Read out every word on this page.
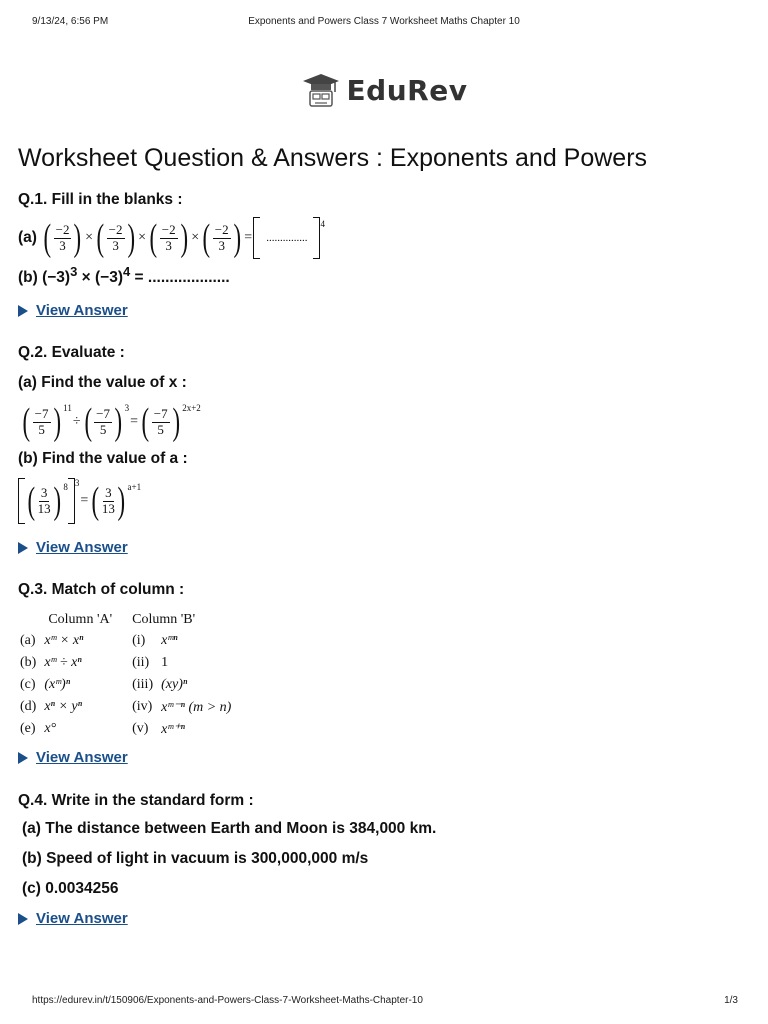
9/13/24, 6:56 PM	Exponents and Powers Class 7 Worksheet Maths Chapter 10
EduRev
Worksheet Question & Answers : Exponents and Powers
Q.1. Fill in the blanks :
(a) ( $\frac{-2}{3}$ ) × ( $\frac{-2}{3}$ ) × ( $\frac{-2}{3}$ ) × ( $\frac{-2}{3}$ ) =	...............
4
(b) $(-3)^3 \times (-3)^4$ = ...................
View Answer
Q.2. Evaluate :
(a) Find the value of x :
( $\frac{-7}{5}$ ) 11
÷ ( $\frac{-7}{5}$ ) 3
= ( $\frac{-7}{5}$ ) 2x+2
(b) Find the value of a :
( $\frac{3}{13}$ ) 8 3
= ( $\frac{3}{13}$ ) a+1
View Answer
Q.3. Match of column :
	Column 'A'	Column 'B'	
(a)	xᵐ × xⁿ	(i)	xᵐⁿ
(b)	xᵐ ÷ xⁿ	(ii)	1
(c)	(xᵐ)ⁿ	(iii)	(xy)ⁿ
(d)	xⁿ × yⁿ	(iv)	xᵐ⁻ⁿ (m > n)
(e)	x°	(v)	xᵐ⁺ⁿ
View Answer
Q.4. Write in the standard form :
(a) The distance between Earth and Moon is 384,000 km.
(b) Speed of light in vacuum is 300,000,000 m/s
(c) 0.0034256
View Answer
https://edurev.in/t/150906/Exponents-and-Powers-Class-7-Worksheet-Maths-Chapter-10	1/3
